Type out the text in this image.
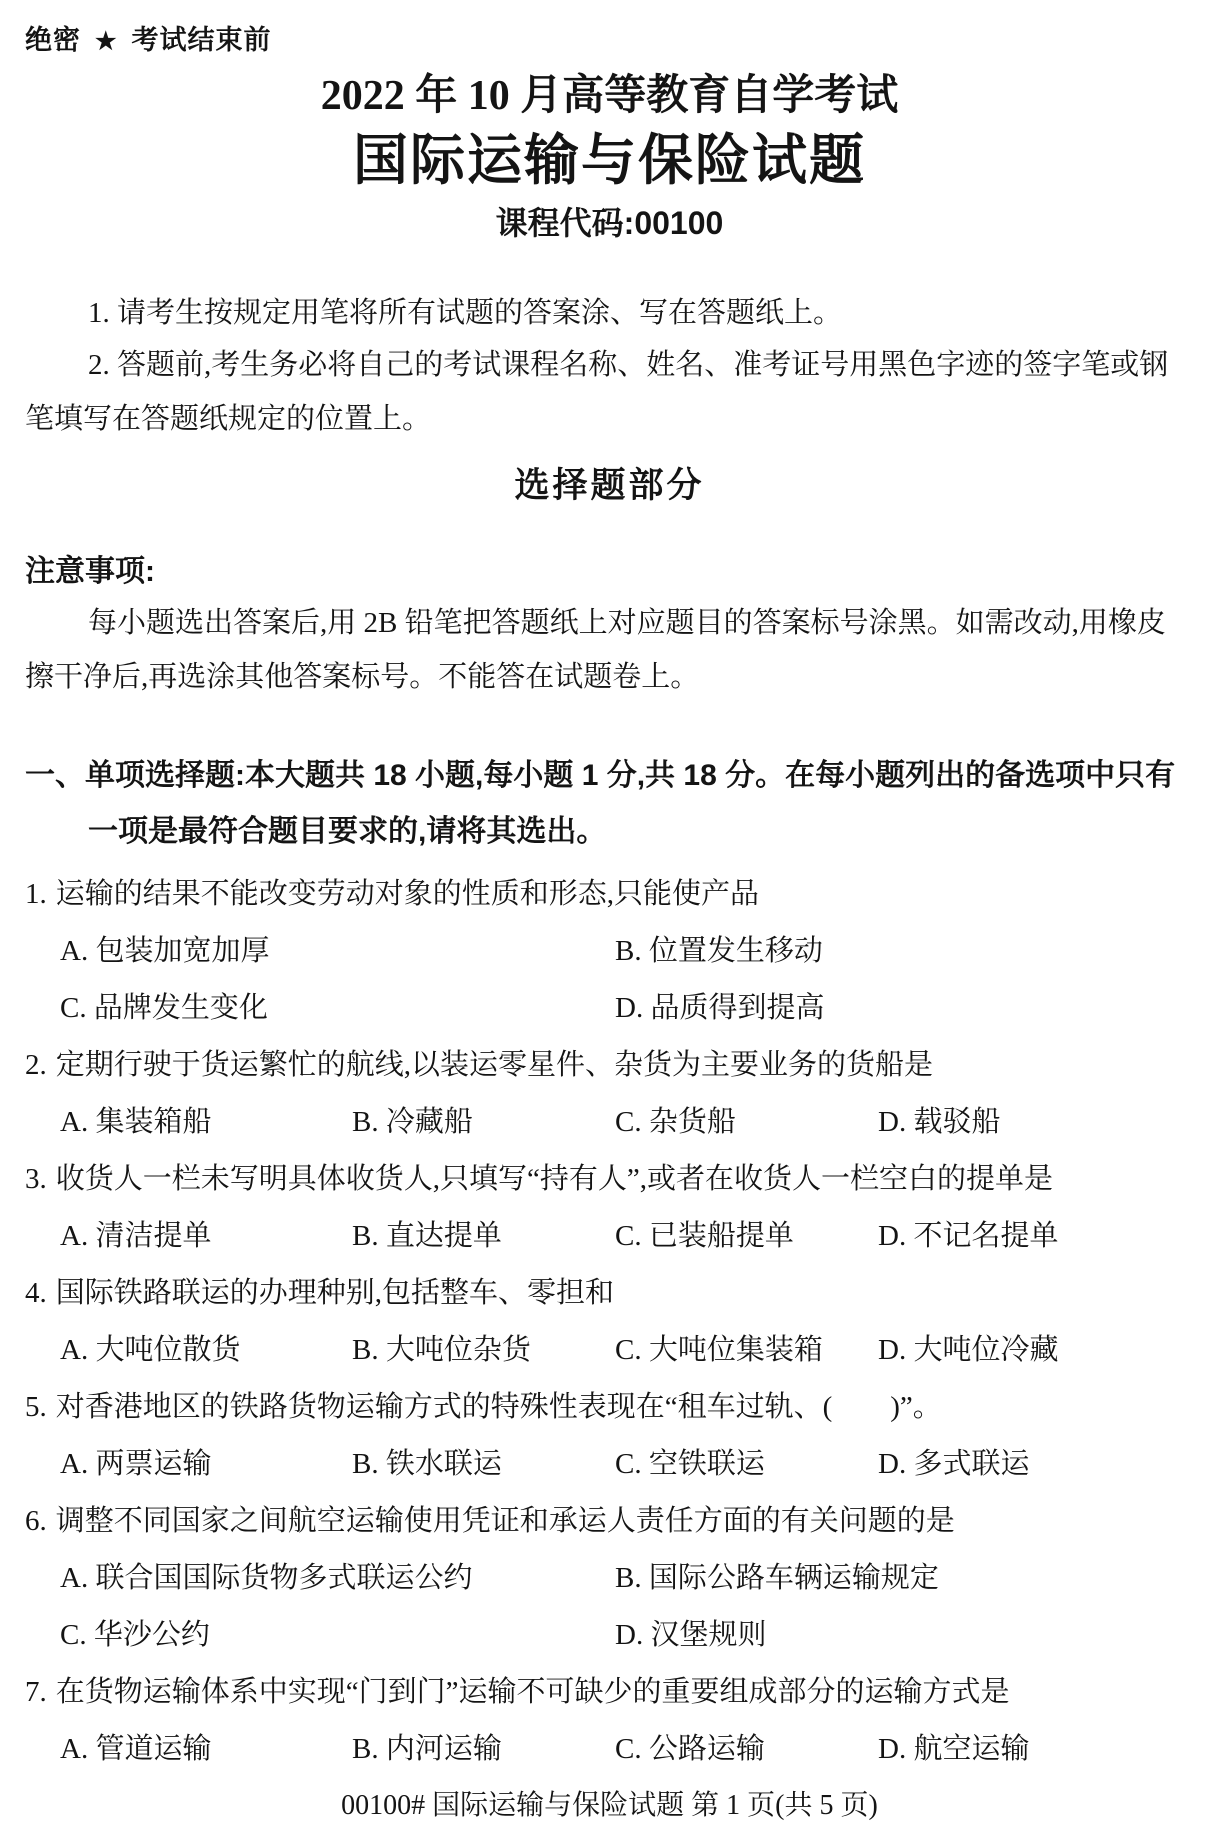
绝密 ★ 考试结束前
2022 年 10 月高等教育自学考试
国际运输与保险试题
课程代码:00100
1. 请考生按规定用笔将所有试题的答案涂、写在答题纸上。
2. 答题前,考生务必将自己的考试课程名称、姓名、准考证号用黑色字迹的签字笔或钢笔填写在答题纸规定的位置上。
选择题部分
注意事项:
每小题选出答案后,用 2B 铅笔把答题纸上对应题目的答案标号涂黑。如需改动,用橡皮擦干净后,再选涂其他答案标号。不能答在试题卷上。
一、单项选择题:本大题共 18 小题,每小题 1 分,共 18 分。在每小题列出的备选项中只有一项是最符合题目要求的,请将其选出。
1. 运输的结果不能改变劳动对象的性质和形态,只能使产品
A. 包装加宽加厚	B. 位置发生移动
C. 品牌发生变化	D. 品质得到提高
2. 定期行驶于货运繁忙的航线,以装运零星件、杂货为主要业务的货船是
A. 集装箱船	B. 冷藏船	C. 杂货船	D. 载驳船
3. 收货人一栏未写明具体收货人,只填写“持有人”,或者在收货人一栏空白的提单是
A. 清洁提单	B. 直达提单	C. 已装船提单	D. 不记名提单
4. 国际铁路联运的办理种别,包括整车、零担和
A. 大吨位散货	B. 大吨位杂货	C. 大吨位集装箱 D. 大吨位冷藏
5. 对香港地区的铁路货物运输方式的特殊性表现在“租车过轨、(        )”。
A. 两票运输	B. 铁水联运	C. 空铁联运	D. 多式联运
6. 调整不同国家之间航空运输使用凭证和承运人责任方面的有关问题的是
A. 联合国国际货物多式联运公约	B. 国际公路车辆运输规定
C. 华沙公约	D. 汉堡规则
7. 在货物运输体系中实现“门到门”运输不可缺少的重要组成部分的运输方式是
A. 管道运输	B. 内河运输	C. 公路运输	D. 航空运输
00100# 国际运输与保险试题 第 1 页(共 5 页)
